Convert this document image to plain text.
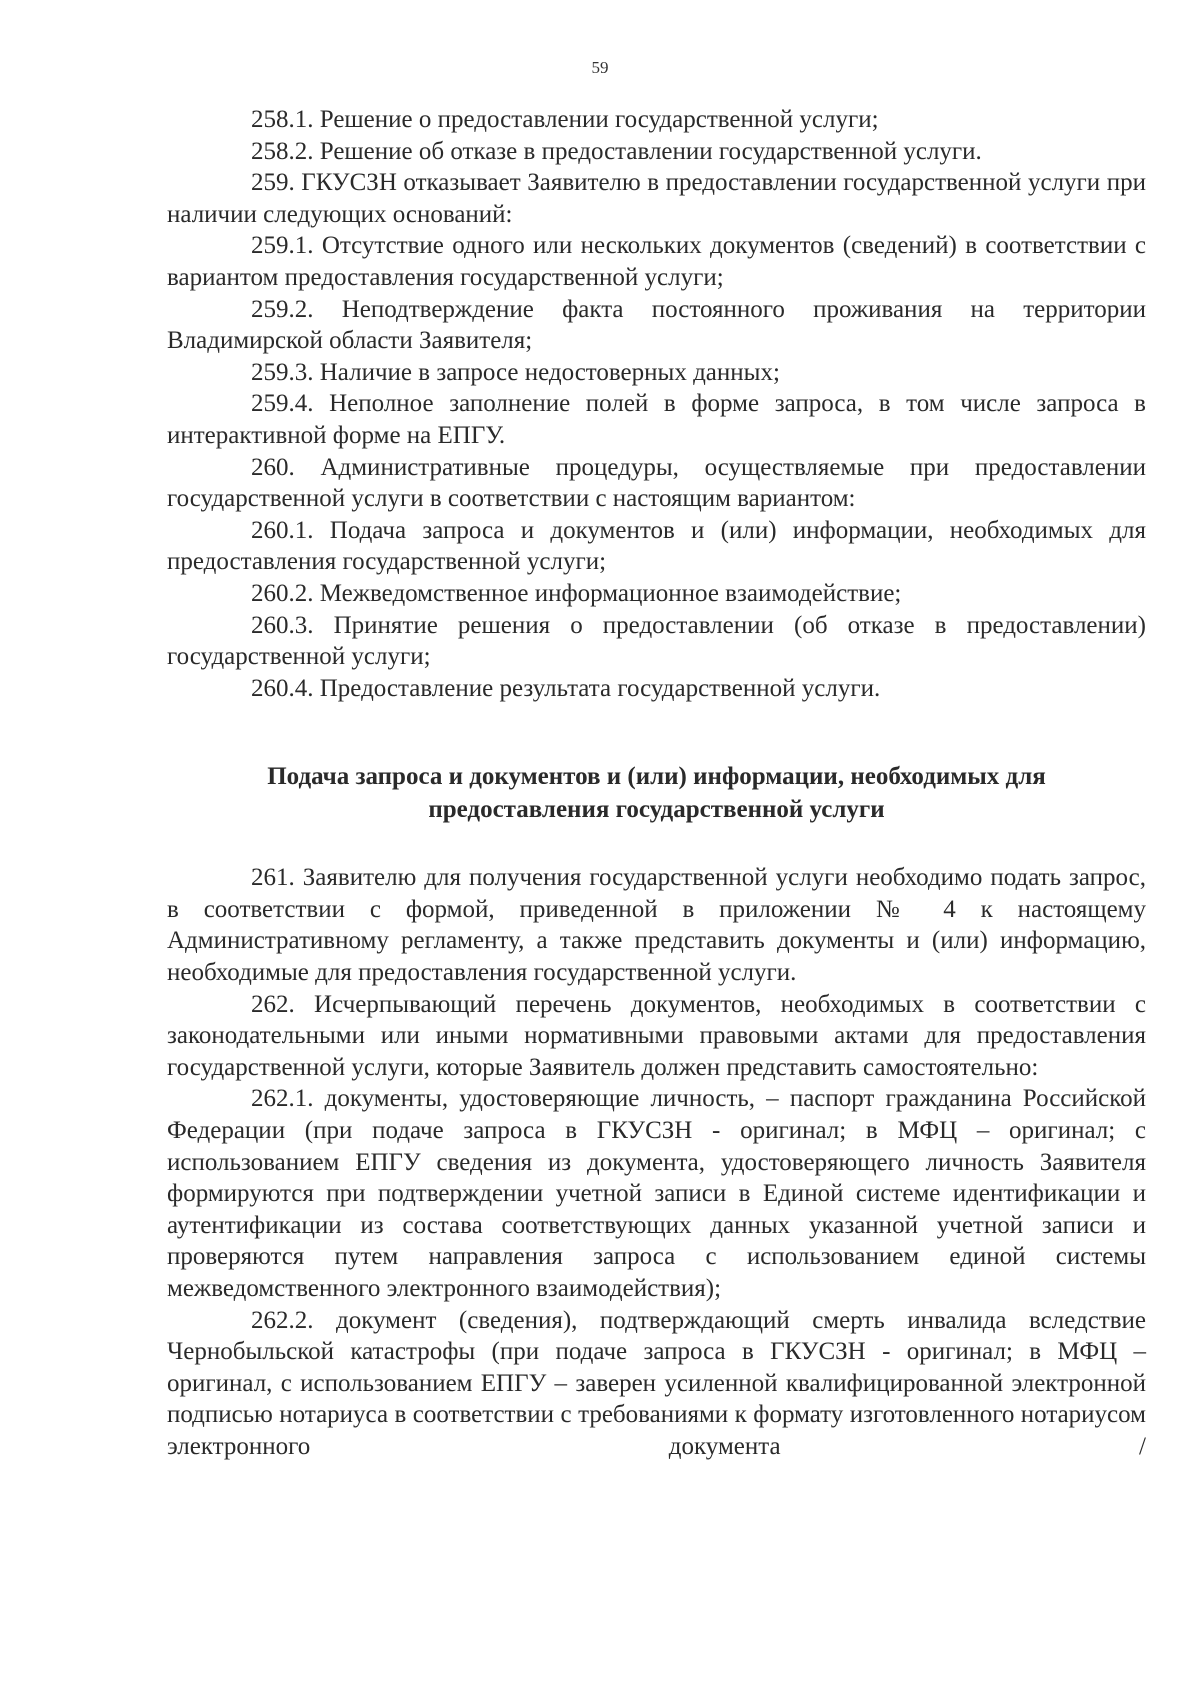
59

258.1. Решение о предоставлении государственной услуги;

258.2. Решение об отказе в предоставлении государственной услуги.

259. ГКУСЗН отказывает Заявителю в предоставлении государственной услуги при наличии следующих оснований:

259.1. Отсутствие одного или нескольких документов (сведений) в соответствии с вариантом предоставления государственной услуги;

259.2. Неподтверждение факта постоянного проживания на территории Владимирской области Заявителя;

259.3. Наличие в запросе недостоверных данных;

259.4. Неполное заполнение полей в форме запроса, в том числе запроса в интерактивной форме на ЕПГУ.

260. Административные процедуры, осуществляемые при предоставлении государственной услуги в соответствии с настоящим вариантом:

260.1. Подача запроса и документов и (или) информации, необходимых для предоставления государственной услуги;

260.2. Межведомственное информационное взаимодействие;

260.3. Принятие решения о предоставлении (об отказе в предоставлении) государственной услуги;

260.4. Предоставление результата государственной услуги.

Подача запроса и документов и (или) информации, необходимых для
предоставления государственной услуги

261. Заявителю для получения государственной услуги необходимо подать запрос, в соответствии с формой, приведенной в приложении № 4 к настоящему Административному регламенту, а также представить документы и (или) информацию, необходимые для предоставления государственной услуги.

262. Исчерпывающий перечень документов, необходимых в соответствии с законодательными или иными нормативными правовыми актами для предоставления государственной услуги, которые Заявитель должен представить самостоятельно:

262.1. документы, удостоверяющие личность, – паспорт гражданина Российской Федерации (при подаче запроса в ГКУСЗН - оригинал; в МФЦ – оригинал; с использованием ЕПГУ сведения из документа, удостоверяющего личность Заявителя формируются при подтверждении учетной записи в Единой системе идентификации и аутентификации из состава соответствующих данных указанной учетной записи и проверяются путем направления запроса с использованием единой системы межведомственного электронного взаимодействия);

262.2. документ (сведения), подтверждающий смерть инвалида вследствие Чернобыльской катастрофы (при подаче запроса в ГКУСЗН - оригинал; в МФЦ – оригинал, с использованием ЕПГУ – заверен усиленной квалифицированной электронной подписью нотариуса в соответствии с требованиями к формату изготовленного нотариусом электронного документа /
